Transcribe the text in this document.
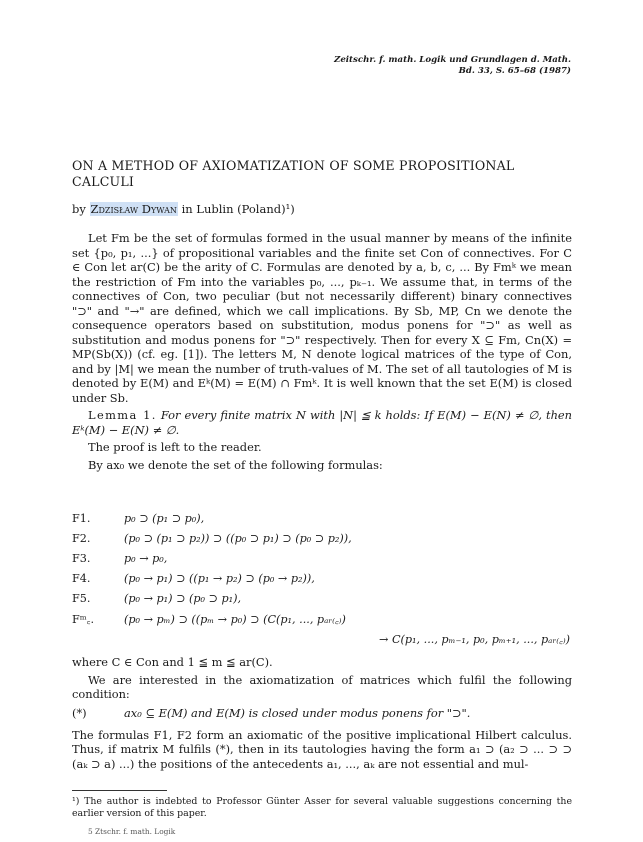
Zeitschr. f. math. Logik und Grundlagen d. Math.
Bd. 33, S. 65–68 (1987)
ON A METHOD OF AXIOMATIZATION OF SOME PROPOSITIONAL CALCULI
by Zdzisław Dywan in Lublin (Poland)¹)

Let Fm be the set of formulas formed in the usual manner by means of the infinite set {p₀, p₁, ...} of propositional variables and the finite set Con of connectives. For C ∈ Con let ar(C) be the arity of C. Formulas are denoted by a, b, c, ... By Fmᵏ we mean the restriction of Fm into the variables p₀, ..., pₖ₋₁. We assume that, in terms of the connectives of Con, two peculiar (but not necessarily different) binary connectives "⊃" and "→" are defined, which we call implications. By Sb, MP, Cn we denote the consequence operators based on substitution, modus ponens for "⊃" as well as substitution and modus ponens for "⊃" respectively. Then for every X ⊆ Fm, Cn(X) = MP(Sb(X)) (cf. eg. [1]). The letters M, N denote logical matrices of the type of Con, and by |M| we mean the number of truth-values of M. The set of all tautologies of M is denoted by E(M) and Eᵏ(M) = E(M) ∩ Fmᵏ. It is well known that the set E(M) is closed under Sb.

Lemma 1. For every finite matrix N with |N| ≦ k holds: If E(M) − E(N) ≠ ∅, then Eᵏ(M) − E(N) ≠ ∅.

The proof is left to the reader.

By ax₀ we denote the set of the following formulas:

F1.	p₀ ⊃ (p₁ ⊃ p₀),
F2.	(p₀ ⊃ (p₁ ⊃ p₂)) ⊃ ((p₀ ⊃ p₁) ⊃ (p₀ ⊃ p₂)),
F3.	p₀ → p₀,
F4.	(p₀ → p₁) ⊃ ((p₁ → p₂) ⊃ (p₀ → p₂)),
F5.	(p₀ → p₁) ⊃ (p₀ ⊃ p₁),
Fᵐ꜀.	(p₀ → pₘ) ⊃ ((pₘ → p₀) ⊃ (C(p₁, ..., pₐᵣ₍꜀₎)
→ C(p₁, ..., pₘ₋₁, p₀, pₘ₊₁, ..., pₐᵣ₍꜀₎)

where C ∈ Con and 1 ≦ m ≦ ar(C).

We are interested in the axiomatization of matrices which fulfil the following condition:

(*)	ax₀ ⊆ E(M) and E(M) is closed under modus ponens for "⊃".

The formulas F1, F2 form an axiomatic of the positive implicational Hilbert calculus. Thus, if matrix M fulfils (*), then in its tautologies having the form a₁ ⊃ (a₂ ⊃ ... ⊃ ⊃ (aₖ ⊃ a) ...) the positions of the antecedents a₁, ..., aₖ are not essential and mul-

¹) The author is indebted to Professor Günter Asser for several valuable suggestions concerning the earlier version of this paper.
5 Ztschr. f. math. Logik
